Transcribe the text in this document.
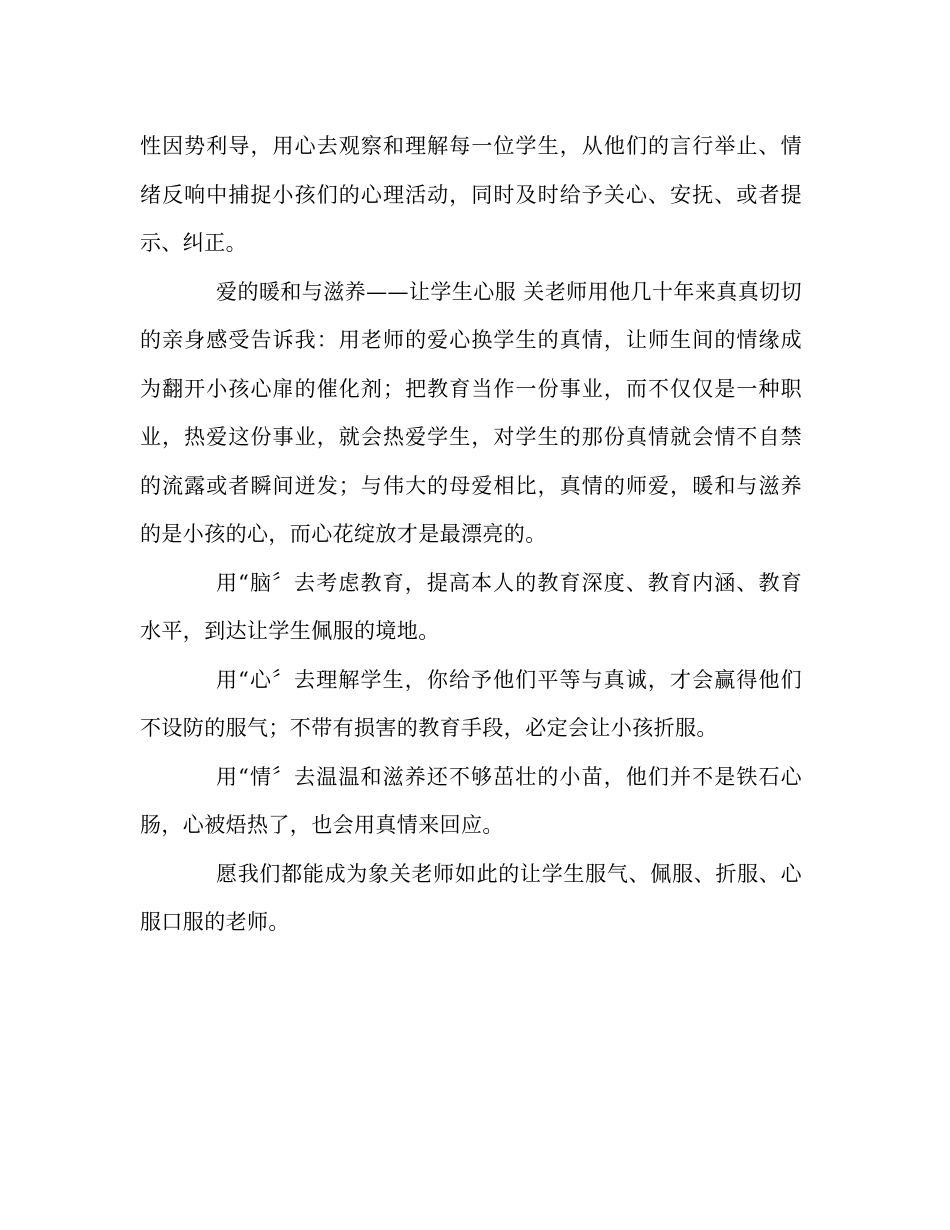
性因势利导，用心去观察和理解每一位学生，从他们的言行举止、情绪反响中捕捉小孩们的心理活动，同时及时给予关心、安抚、或者提示、纠正。

爱的暖和与滋养——让学生心服 关老师用他几十年来真真切切的亲身感受告诉我：用老师的爱心换学生的真情，让师生间的情缘成为翻开小孩心扉的催化剂；把教育当作一份事业，而不仅仅是一种职业，热爱这份事业，就会热爱学生，对学生的那份真情就会情不自禁的流露或者瞬间迸发；与伟大的母爱相比，真情的师爱，暖和与滋养的是小孩的心，而心花绽放才是最漂亮的。

用“脑〞去考虑教育，提高本人的教育深度、教育内涵、教育水平，到达让学生佩服的境地。

用“心〞去理解学生，你给予他们平等与真诚，才会赢得他们不设防的服气；不带有损害的教育手段，必定会让小孩折服。

用“情〞去温温和滋养还不够茁壮的小苗，他们并不是铁石心肠，心被焐热了，也会用真情来回应。

愿我们都能成为象关老师如此的让学生服气、佩服、折服、心服口服的老师。
